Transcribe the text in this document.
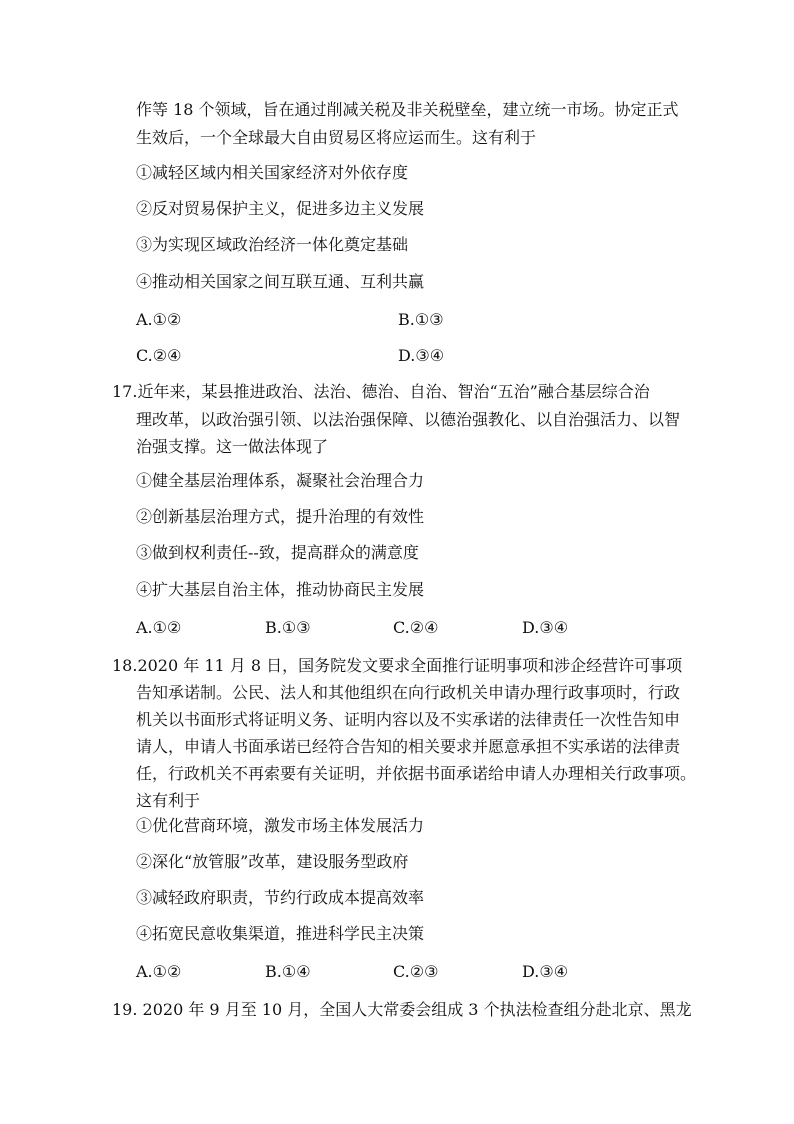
作等 18 个领域，旨在通过削减关税及非关税壁垒，建立统一市场。协定正式
生效后，一个全球最大自由贸易区将应运而生。这有利于
①减轻区域内相关国家经济对外依存度
②反对贸易保护主义，促进多边主义发展
③为实现区域政治经济一体化奠定基础
④推动相关国家之间互联互通、互利共赢
A.①②	B.①③
C.②④	D.③④
17.近年来，某县推进政治、法治、德治、自治、智治“五治”融合基层综合治
理改革，以政治强引领、以法治强保障、以德治强教化、以自治强活力、以智
治强支撑。这一做法体现了
①健全基层治理体系，凝聚社会治理合力
②创新基层治理方式，提升治理的有效性
③做到权利责任--致，提高群众的满意度
④扩大基层自治主体，推动协商民主发展
A.①②	B.①③	C.②④	D.③④
18.2020 年 11 月 8 日，国务院发文要求全面推行证明事项和涉企经营许可事项
告知承诺制。公民、法人和其他组织在向行政机关申请办理行政事项时，行政
机关以书面形式将证明义务、证明内容以及不实承诺的法律责任一次性告知申
请人，申请人书面承诺已经符合告知的相关要求并愿意承担不实承诺的法律责
任，行政机关不再索要有关证明，并依据书面承诺给申请人办理相关行政事项。
这有利于
①优化营商环境，激发市场主体发展活力
②深化“放管服”改革，建设服务型政府
③减轻政府职责，节约行政成本提高效率
④拓宽民意收集渠道，推进科学民主决策
A.①②	B.①④	C.②③	D.③④
19. 2020 年 9 月至 10 月，全国人大常委会组成 3 个执法检查组分赴北京、黑龙
